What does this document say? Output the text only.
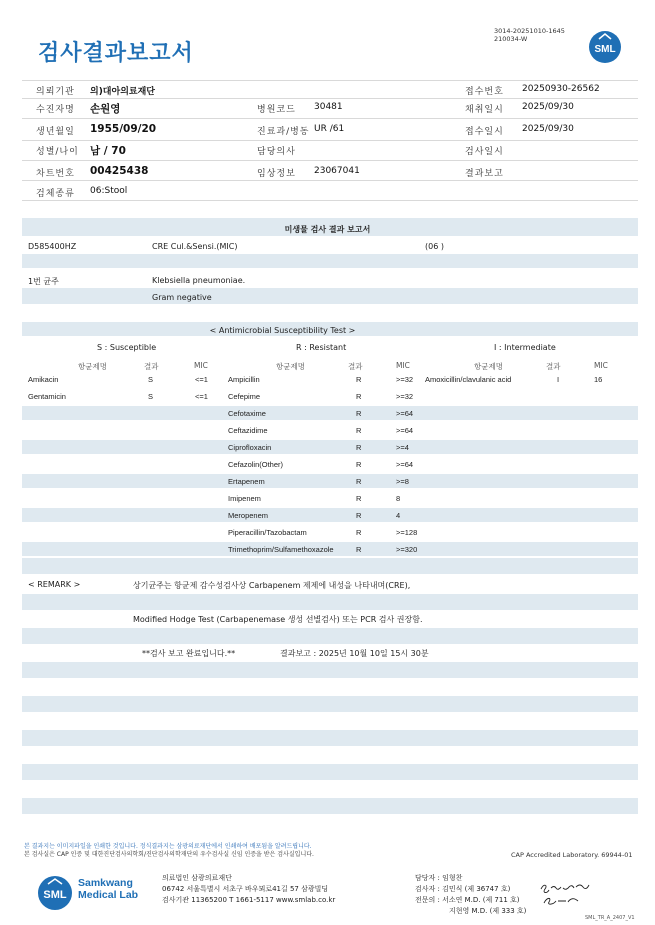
검사결과보고서
3014-20251010-1645
210034-W
SML
의뢰기관 의)대아의료재단	접수번호 20250930-26562
수진자명 손원영	병원코드 30481	채취일시 2025/09/30
생년월일 1955/09/20	진료과/병동 UR /61	접수일시 2025/09/30
성별/나이 남 / 70	담당의사	검사일시
차트번호 00425438	임상정보 23067041	결과보고
검체종류 06:Stool
미생물 검사 결과 보고서
D585400HZ	CRE Cul.&Sensi.(MIC)	(06 )
1번 균주	Klebsiella pneumoniae.
Gram negative
< Antimicrobial Susceptibility Test >
S : Susceptible	R : Resistant	I : Intermediate
항균제명	결과	MIC	항균제명	결과	MIC	항균제명	결과	MIC
Amikacin	S	<=1
Gentamicin	S	<=1
Ampicillin	R	>=32
Cefepime	R	>=32
Cefotaxime	R	>=64
Ceftazidime	R	>=64
Ciprofloxacin	R	>=4
Cefazolin(Other)	R	>=64
Ertapenem	R	>=8
Imipenem	R	8
Meropenem	R	4
Piperacillin/Tazobactam	R	>=128
Trimethoprim/Sulfamethoxazole	R	>=320
Amoxicillin/clavulanic acid	I	16
< REMARK >	상기균주는 항균제 감수성검사상 Carbapenem 제제에 내성을 나타내며(CRE),
Modified Hodge Test (Carbapenemase 생성 선별검사) 또는 PCR 검사 권장함.
**검사 보고 완료입니다.**	결과보고 : 2025년 10월 10일 15시 30분
본 결과지는 이미지파일을 인쇄한 것입니다. 정식결과지는 삼광의료재단에서 인쇄하여 배포됨을 알려드립니다.
본 검사실은 CAP 인증 및 대한진단검사의학회/진단검사의학재단의 우수검사실 신임 인증을 받은 검사실입니다.	CAP Accredited Laboratory. 69944-01
SML
Samkwang
Medical Lab
의료법인 삼광의료재단
06742 서울특별시 서초구 바우뫼로41길 57 삼광빌딩
검사기관 11365200 T 1661-5117 www.smlab.co.kr
담당자 : 임형찬
검사자 : 김민식 (제 36747 호)
전문의 : 서소연 M.D. (제 711 호)
지현영 M.D. (제 333 호)
SML_TR_A_2407_V1
